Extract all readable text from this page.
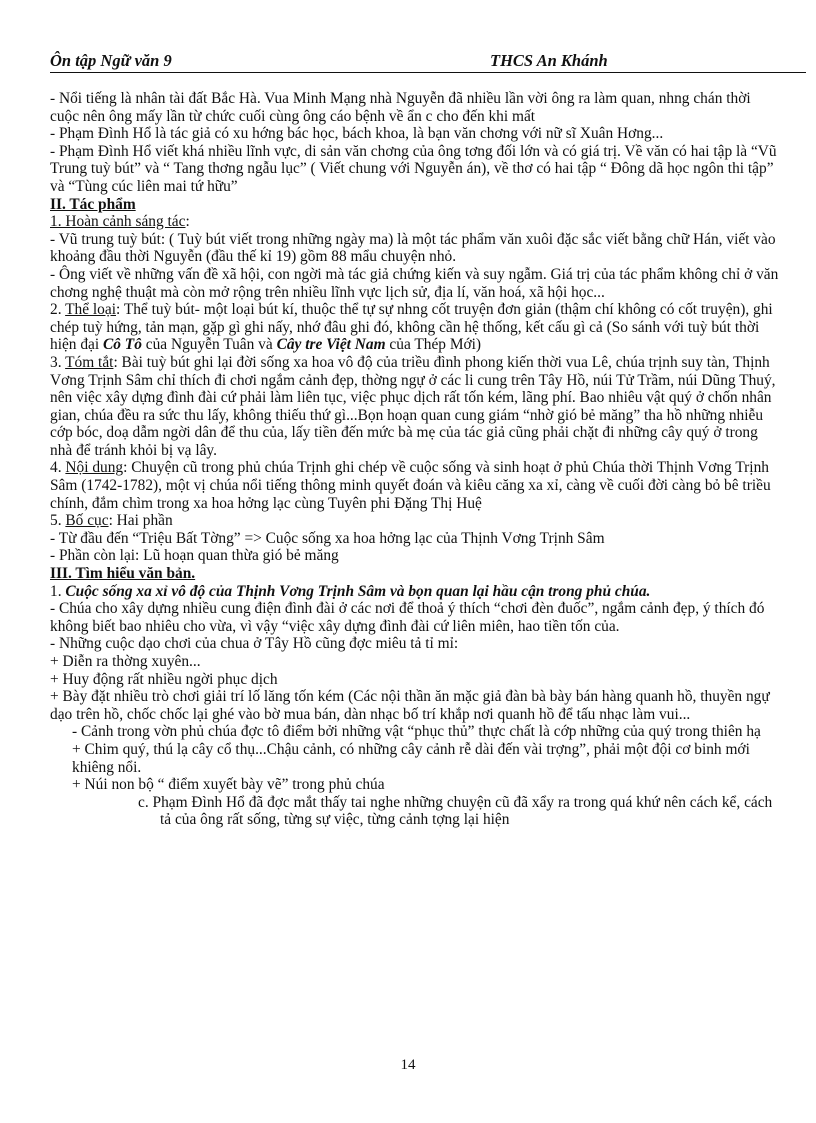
Ôn tập Ngữ văn 9	THCS An Khánh

- Nổi tiếng là nhân tài đất Bắc Hà. Vua Minh Mạng nhà Nguyễn đã nhiều lần vời ông ra làm quan, nhng chán thời cuộc nên ông mấy lần từ chức cuối cùng ông cáo bệnh về ẩn c cho đến khi mất

- Phạm Đình Hổ là tác giả có xu hớng bác học, bách khoa, là bạn văn chơng với nữ sĩ Xuân Hơng...

- Phạm Đình Hổ viết khá nhiều lĩnh vực, di sản văn chơng của ông tơng đối lớn và có giá trị. Về văn có hai tập là “Vũ Trung tuỳ bút” và “ Tang thơng ngẫu lục” ( Viết chung với Nguyễn án), về thơ có hai tập “ Đông dã học ngôn thi tập” và “Tùng cúc liên mai tứ hữu”

II. Tác phẩm

1. Hoàn cảnh sáng tác:

- Vũ trung tuỳ bút: ( Tuỳ bút viết trong những ngày ma) là một tác phẩm văn xuôi đặc sắc viết bằng chữ Hán, viết vào khoảng đầu thời Nguyễn (đầu thế kỉ 19) gồm 88 mẩu chuyện nhỏ.

- Ông viết về những vấn đề xã hội, con ngời mà tác giả chứng kiến và suy ngẫm. Giá trị của tác phẩm không chỉ ở văn chơng nghệ thuật mà còn mở rộng trên nhiều lĩnh vực lịch sử, địa lí, văn hoá, xã hội học...

2. Thể loại: Thể tuỳ bút- một loại bút kí, thuộc thể tự sự nhng cốt truyện đơn giản (thậm chí không có cốt truyện), ghi chép tuỳ hứng, tản mạn, gặp gì ghi nấy, nhớ đâu ghi đó, không cần hệ thống, kết cấu gì cả (So sánh với tuỳ bút thời hiện đại Cô Tô của Nguyễn Tuân và Cây tre Việt Nam của Thép Mới)

3. Tóm tắt: Bài tuỳ bút ghi lại đời sống xa hoa vô độ của triều đình phong kiến thời vua Lê, chúa trịnh suy tàn, Thịnh Vơng Trịnh Sâm chỉ thích đi chơi ngắm cảnh đẹp, thờng ngự ở các li cung trên Tây Hồ, núi Tử Trầm, núi Dũng Thuý, nên việc xây dựng đình đài cứ phải làm liên tục, việc phục dịch rất tốn kém, lãng phí. Bao nhiêu vật quý ở chốn nhân gian, chúa đều ra sức thu lấy, không thiếu thứ gì...Bọn hoạn quan cung giám “nhờ gió bẻ măng” tha hồ những nhiễu cớp bóc, doạ dẫm ngời dân để thu của, lấy tiền đến mức bà mẹ của tác giả cũng phải chặt đi những cây quý ở trong nhà để tránh khỏi bị vạ lây.

4. Nội dung: Chuyện cũ trong phủ chúa Trịnh ghi chép về cuộc sống và sinh hoạt ở phủ Chúa thời Thịnh Vơng Trịnh Sâm (1742-1782), một vị chúa nổi tiếng thông minh quyết đoán và kiêu căng xa xỉ, càng về cuối đời càng bỏ bê triều chính, đắm chìm trong xa hoa hởng lạc cùng Tuyên phi Đặng Thị Huệ

5. Bố cục: Hai phần

- Từ đầu đến “Triệu Bất Tờng” => Cuộc sống xa hoa hởng lạc của Thịnh Vơng Trịnh Sâm

- Phần còn lại: Lũ hoạn quan thừa gió bẻ măng

III. Tìm hiểu văn bản.

1. Cuộc sống xa xỉ vô độ của Thịnh Vơng Trịnh Sâm và bọn quan lại hầu cận trong phủ chúa.

- Chúa cho xây dựng nhiều cung điện đình đài ở các nơi để thoả ý thích “chơi đèn đuốc”, ngắm cảnh đẹp, ý thích đó không biết bao nhiêu cho vừa, vì vậy “việc xây dựng đình đài cứ liên miên, hao tiền tốn của.

- Những cuộc dạo chơi của chua ở Tây Hồ cũng đợc miêu tả tỉ mỉ:

+ Diễn ra thờng xuyên...

+ Huy động rất nhiều ngời phục dịch

+ Bày đặt nhiều trò chơi giải trí lố lăng tốn kém (Các nội thần ăn mặc giả đàn bà bày bán hàng quanh hồ, thuyền ngự dạo trên hồ, chốc chốc lại ghé vào bờ mua bán, dàn nhạc bố trí khắp nơi quanh hồ để tấu nhạc làm vui...

- Cảnh trong vờn phủ chúa đợc tô điểm bởi những vật “phục thủ” thực chất là cớp những của quý trong thiên hạ

+ Chim quý, thú lạ cây cổ thụ...Chậu cảnh, có những cây cảnh rễ dài đến vài trợng”, phải một đội cơ binh mới khiêng nổi.

+ Núi non bộ “ điểm xuyết bày vẽ” trong phủ chúa

c. Phạm Đình Hổ đã đợc mắt thấy tai nghe những chuyện cũ đã xẩy ra trong quá khứ nên cách kể, cách tả của ông rất sống, từng sự việc, từng cảnh tợng lại hiện

14
